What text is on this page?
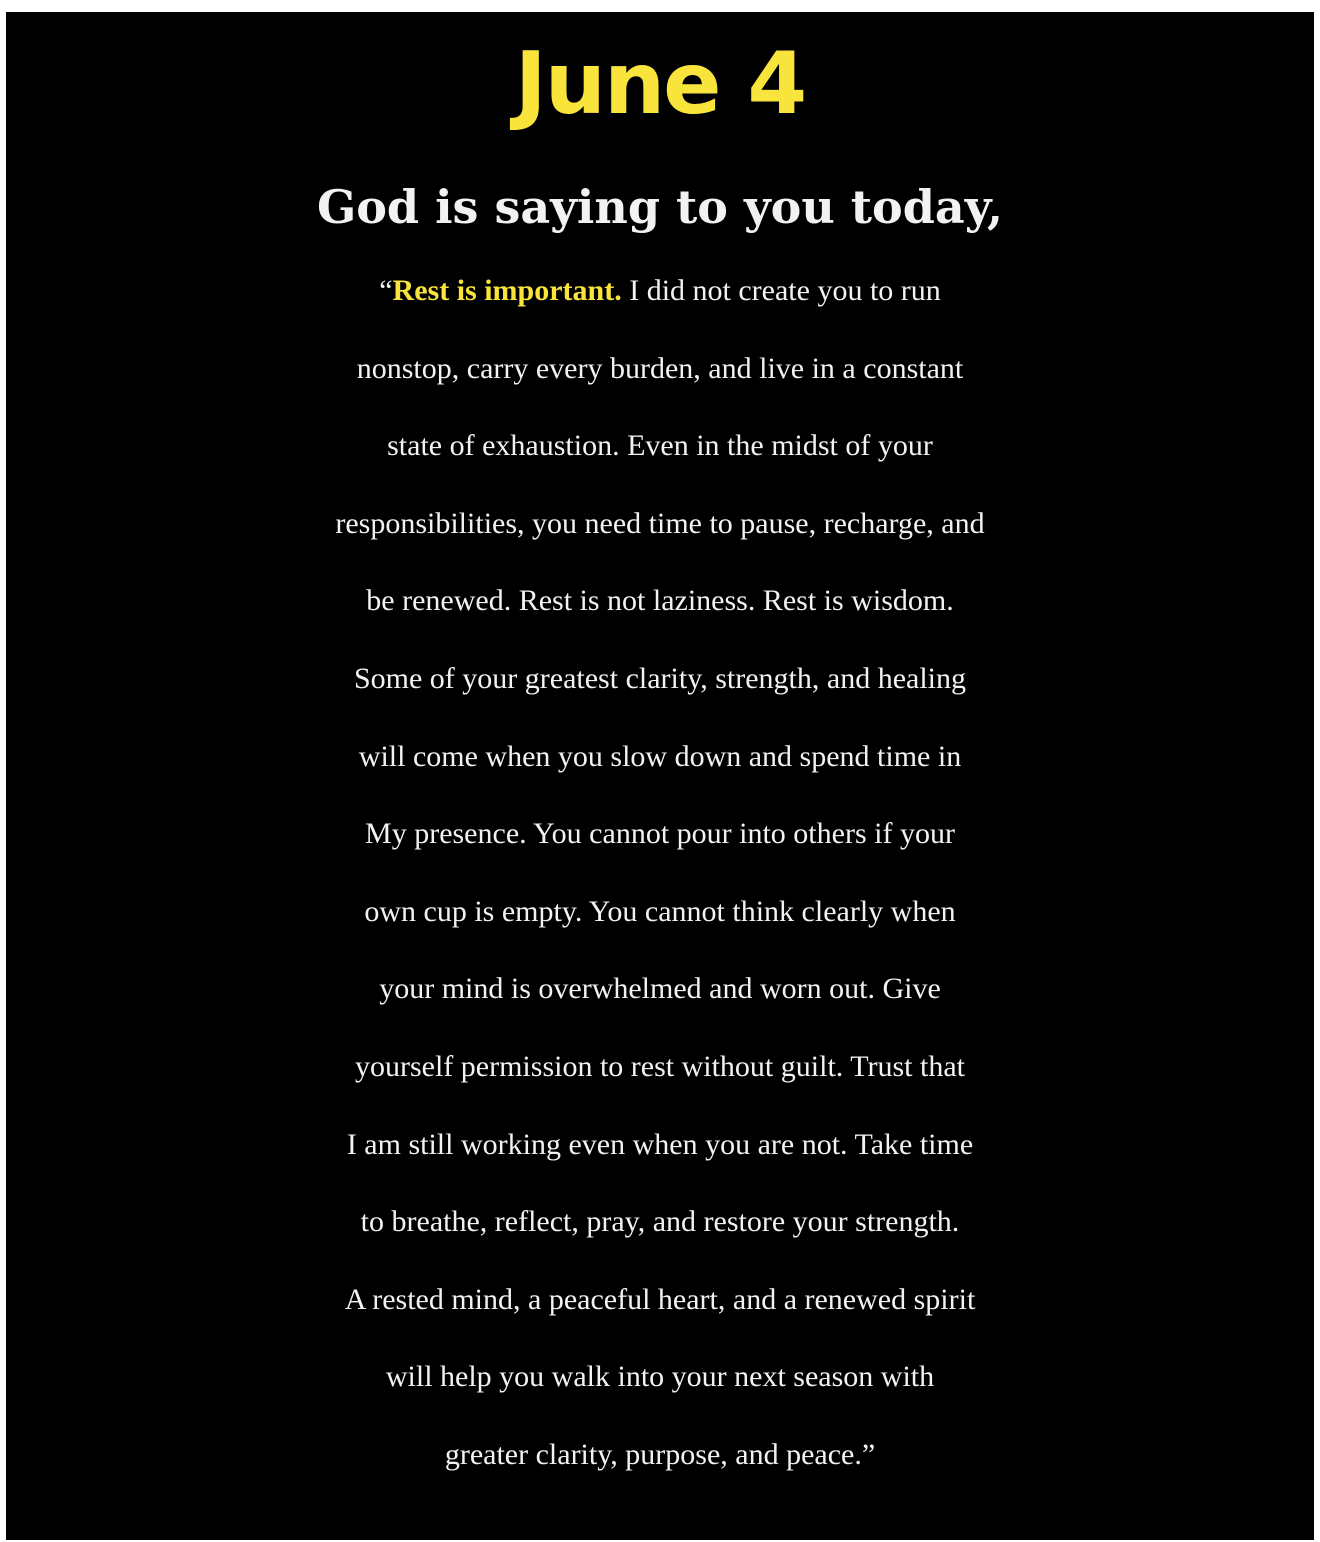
June 4
God is saying to you today,
“Rest is important. I did not create you to run
nonstop, carry every burden, and live in a constant
state of exhaustion. Even in the midst of your
responsibilities, you need time to pause, recharge, and
be renewed. Rest is not laziness. Rest is wisdom.
Some of your greatest clarity, strength, and healing
will come when you slow down and spend time in
My presence. You cannot pour into others if your
own cup is empty. You cannot think clearly when
your mind is overwhelmed and worn out. Give
yourself permission to rest without guilt. Trust that
I am still working even when you are not. Take time
to breathe, reflect, pray, and restore your strength.
A rested mind, a peaceful heart, and a renewed spirit
will help you walk into your next season with
greater clarity, purpose, and peace.”
